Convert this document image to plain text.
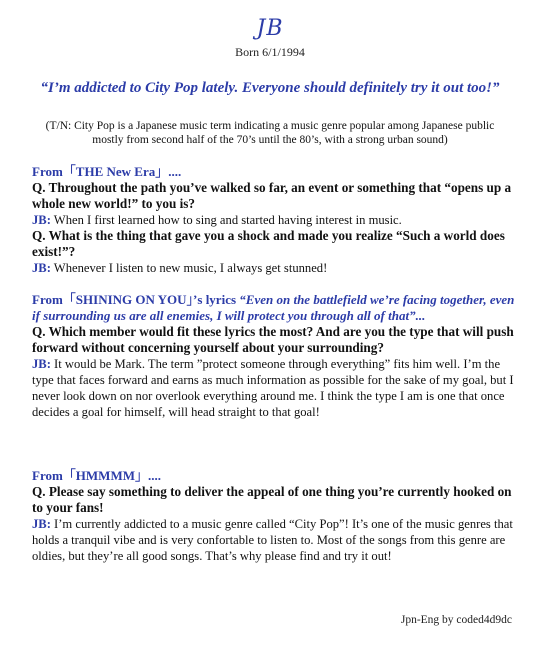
JB
Born 6/1/1994
“I’m addicted to City Pop lately. Everyone should definitely try it out too!”
(T/N: City Pop is a Japanese music term indicating a music genre popular among Japanese public mostly from second half of the 70’s until the 80’s, with a strong urban sound)
From「THE New Era」....
Q. Throughout the path you’ve walked so far, an event or something that “opens up a whole new world!” to you is?
JB: When I first learned how to sing and started having interest in music.
Q. What is the thing that gave you a shock and made you realize “Such a world does exist!”?
JB: Whenever I listen to new music, I always get stunned!
From「SHINING ON YOU」’s lyrics “Even on the battlefield we’re facing together, even if surrounding us are all enemies, I will protect you through all of that”...
Q. Which member would fit these lyrics the most? And are you the type that will push forward without concerning yourself about your surrounding?
JB: It would be Mark. The term ”protect someone through everything” fits him well. I’m the type that faces forward and earns as much information as possible for the sake of my goal, but I never look down on nor overlook everything around me. I think the type I am is one that once decides a goal for himself, will head straight to that goal!
From「HMMMM」....
Q. Please say something to deliver the appeal of one thing you’re currently hooked on to your fans!
JB: I’m currently addicted to a music genre called “City Pop”! It’s one of the music genres that holds a tranquil vibe and is very confortable to listen to. Most of the songs from this genre are oldies, but they’re all good songs. That’s why please find and try it out!
Jpn-Eng by coded4d9dc
